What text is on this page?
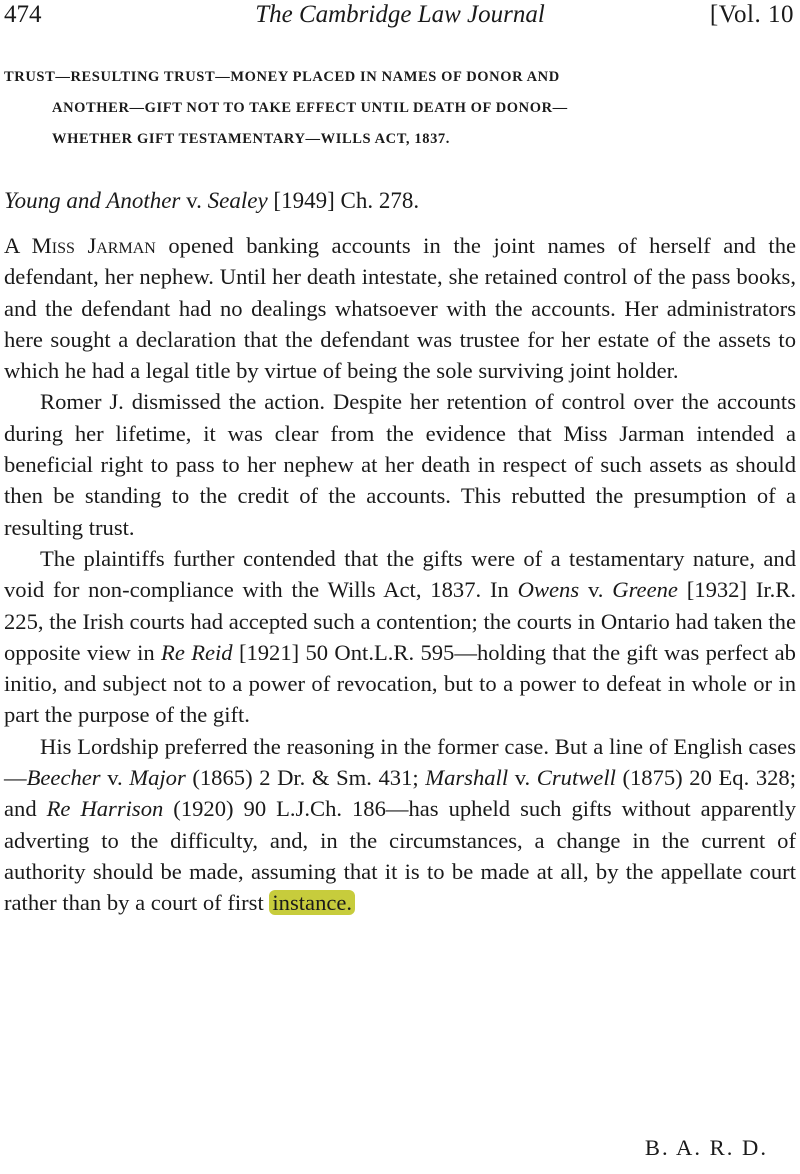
474	The Cambridge Law Journal	[Vol. 10
TRUST—RESULTING TRUST—MONEY PLACED IN NAMES OF DONOR AND
ANOTHER—GIFT NOT TO TAKE EFFECT UNTIL DEATH OF DONOR—
WHETHER GIFT TESTAMENTARY—WILLS ACT, 1837.
Young and Another v. Sealey [1949] Ch. 278.

A Miss Jarman opened banking accounts in the joint names of herself and the defendant, her nephew. Until her death intestate, she retained control of the pass books, and the defendant had no dealings whatsoever with the accounts. Her administrators here sought a declaration that the defendant was trustee for her estate of the assets to which he had a legal title by virtue of being the sole surviving joint holder.

Romer J. dismissed the action. Despite her retention of control over the accounts during her lifetime, it was clear from the evidence that Miss Jarman intended a beneficial right to pass to her nephew at her death in respect of such assets as should then be standing to the credit of the accounts. This rebutted the presumption of a resulting trust.

The plaintiffs further contended that the gifts were of a testamentary nature, and void for non-compliance with the Wills Act, 1837. In Owens v. Greene [1932] Ir.R. 225, the Irish courts had accepted such a contention; the courts in Ontario had taken the opposite view in Re Reid [1921] 50 Ont.L.R. 595—holding that the gift was perfect ab initio, and subject not to a power of revocation, but to a power to defeat in whole or in part the purpose of the gift.

His Lordship preferred the reasoning in the former case. But a line of English cases—Beecher v. Major (1865) 2 Dr. & Sm. 431; Marshall v. Crutwell (1875) 20 Eq. 328; and Re Harrison (1920) 90 L.J.Ch. 186—has upheld such gifts without apparently adverting to the difficulty, and, in the circumstances, a change in the current of authority should be made, assuming that it is to be made at all, by the appellate court rather than by a court of first instance.

B. A. R. D.
